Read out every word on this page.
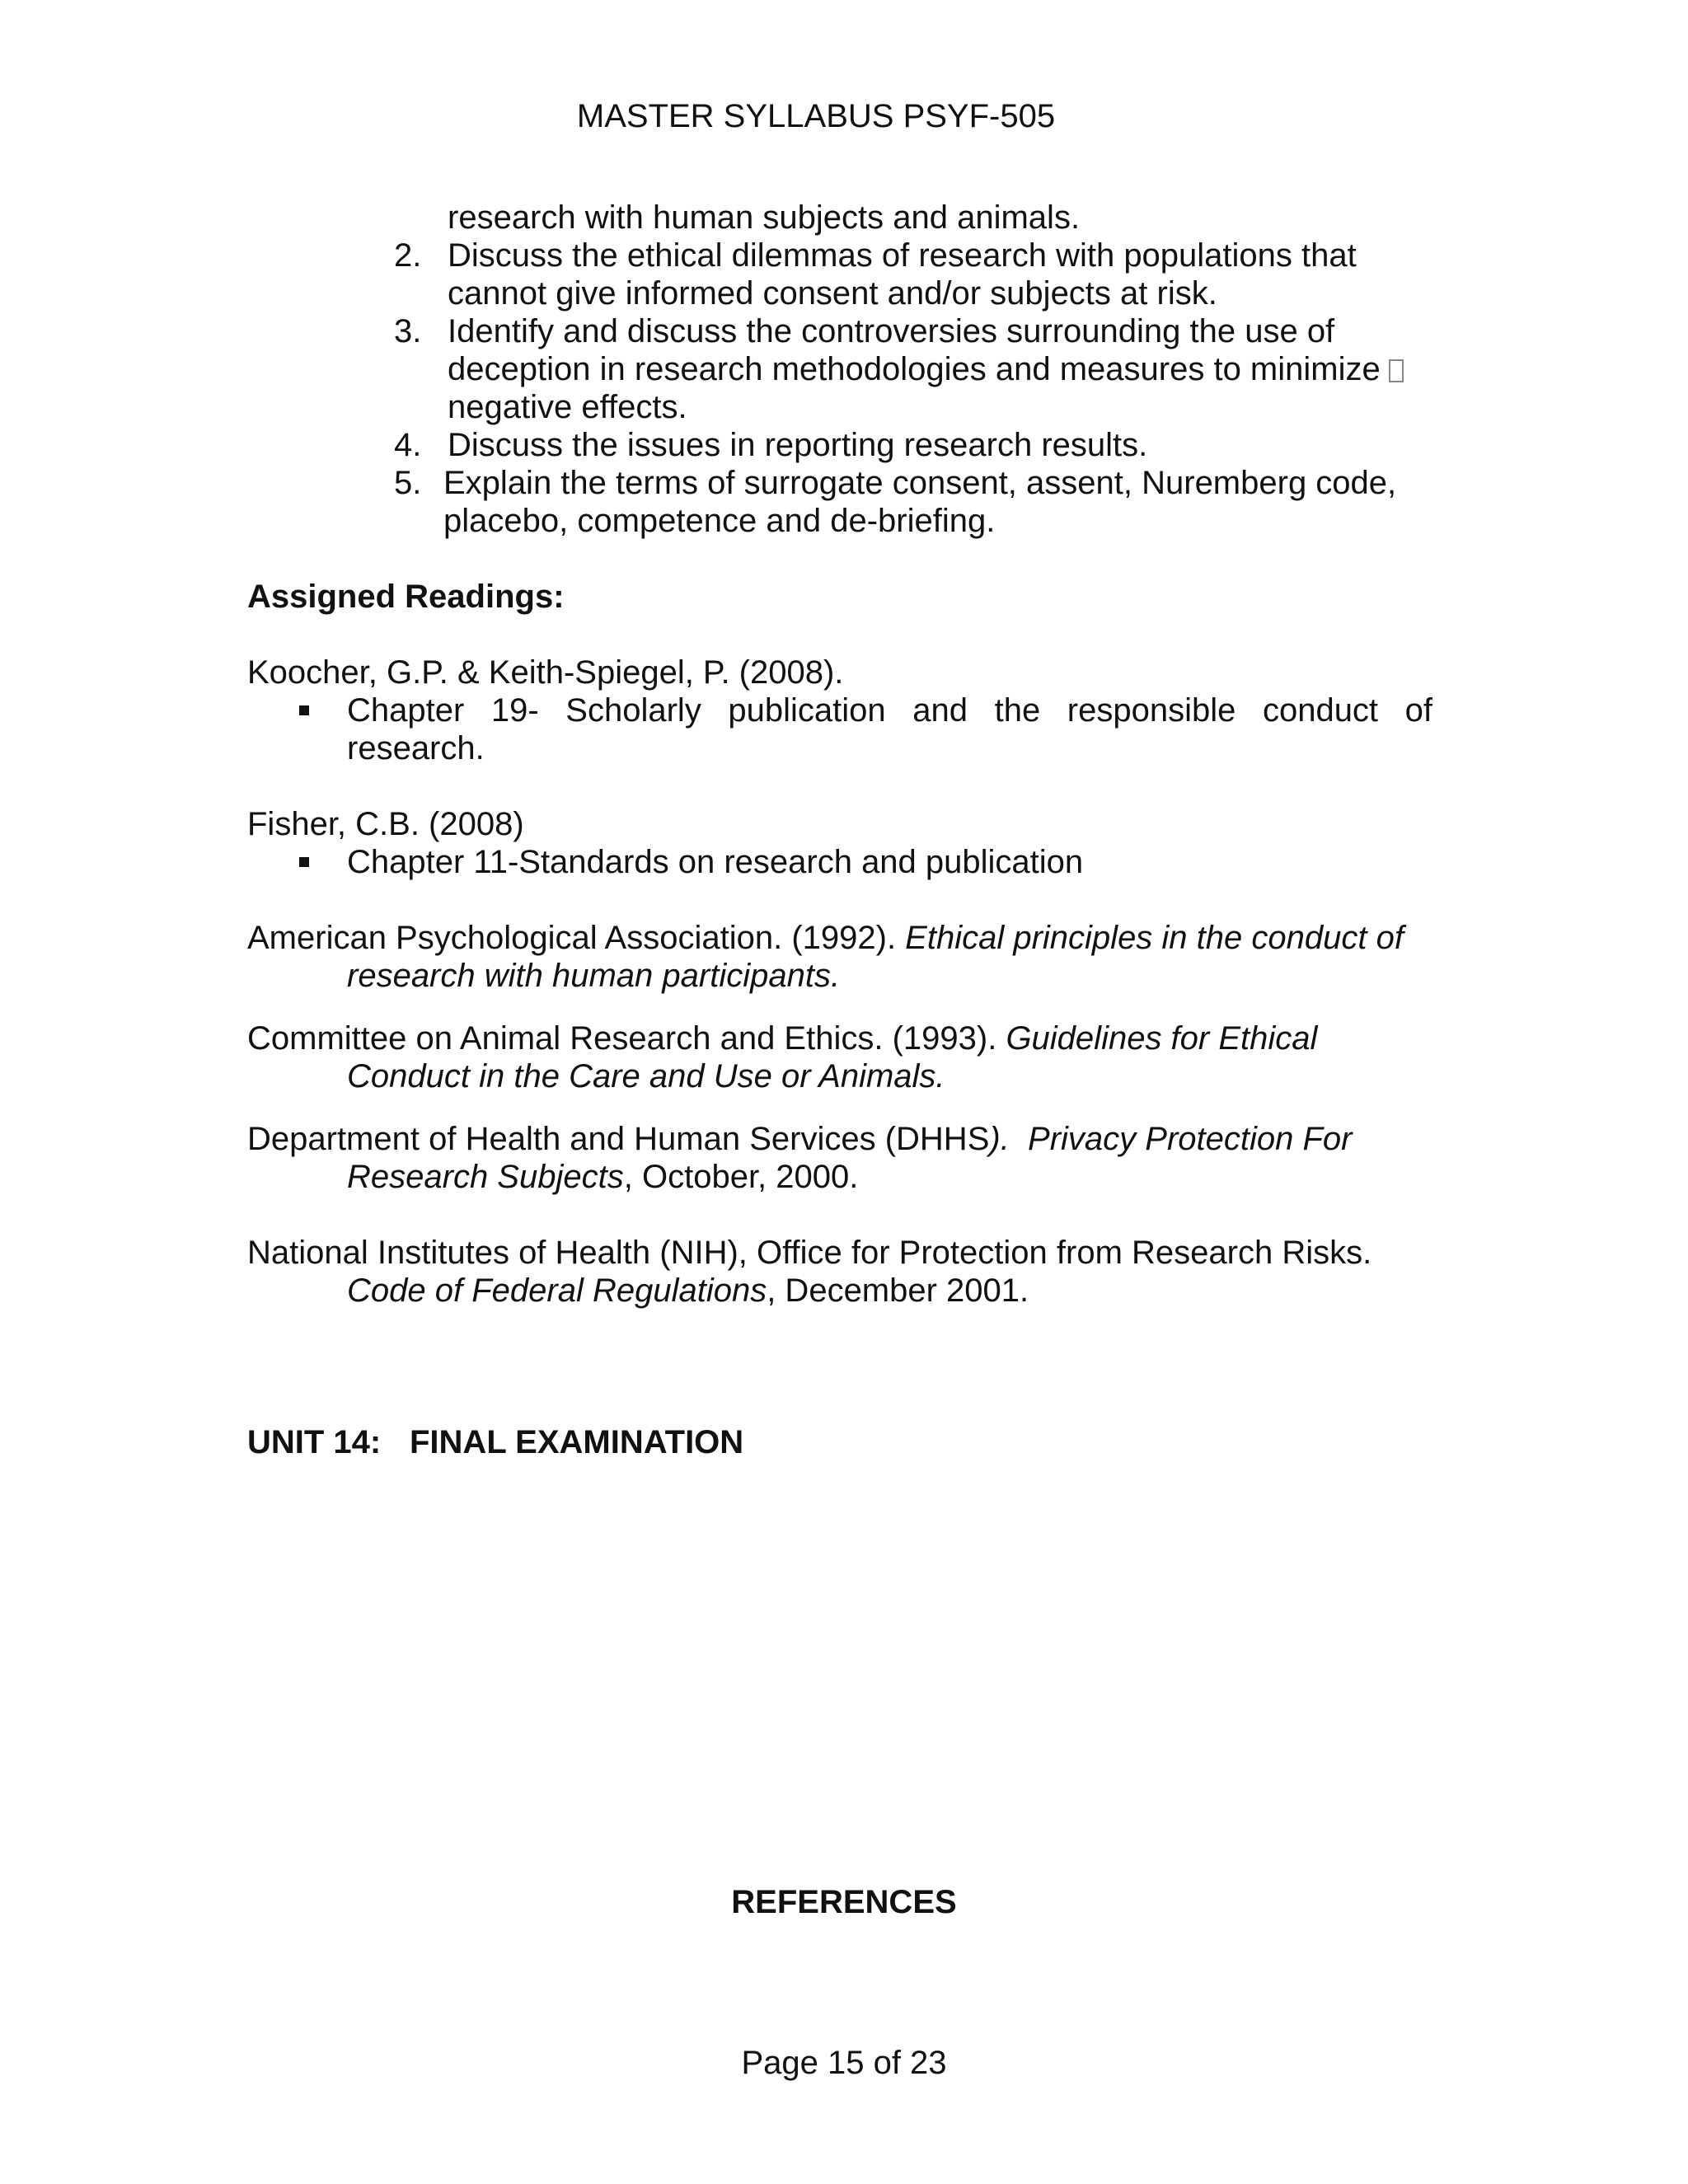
MASTER SYLLABUS PSYF-505
research with human subjects and animals.
2. Discuss the ethical dilemmas of research with populations that
cannot give informed consent and/or subjects at risk.
3. Identify and discuss the controversies surrounding the use of
deception in research methodologies and measures to minimize
negative effects.
4. Discuss the issues in reporting research results.
5. Explain the terms of surrogate consent, assent, Nuremberg code,
placebo, competence and de-briefing.
Assigned Readings:
Koocher, G.P. & Keith-Spiegel, P. (2008).
Chapter 19- Scholarly publication and the responsible conduct of
research.
Fisher, C.B. (2008)
Chapter 11-Standards on research and publication
American Psychological Association. (1992). Ethical principles in the conduct of
research with human participants.
Committee on Animal Research and Ethics. (1993). Guidelines for Ethical
Conduct in the Care and Use or Animals.
Department of Health and Human Services (DHHS).  Privacy Protection For
Research Subjects, October, 2000.
National Institutes of Health (NIH), Office for Protection from Research Risks.
Code of Federal Regulations, December 2001.
UNIT 14: FINAL EXAMINATION
REFERENCES
Page 15 of 23
